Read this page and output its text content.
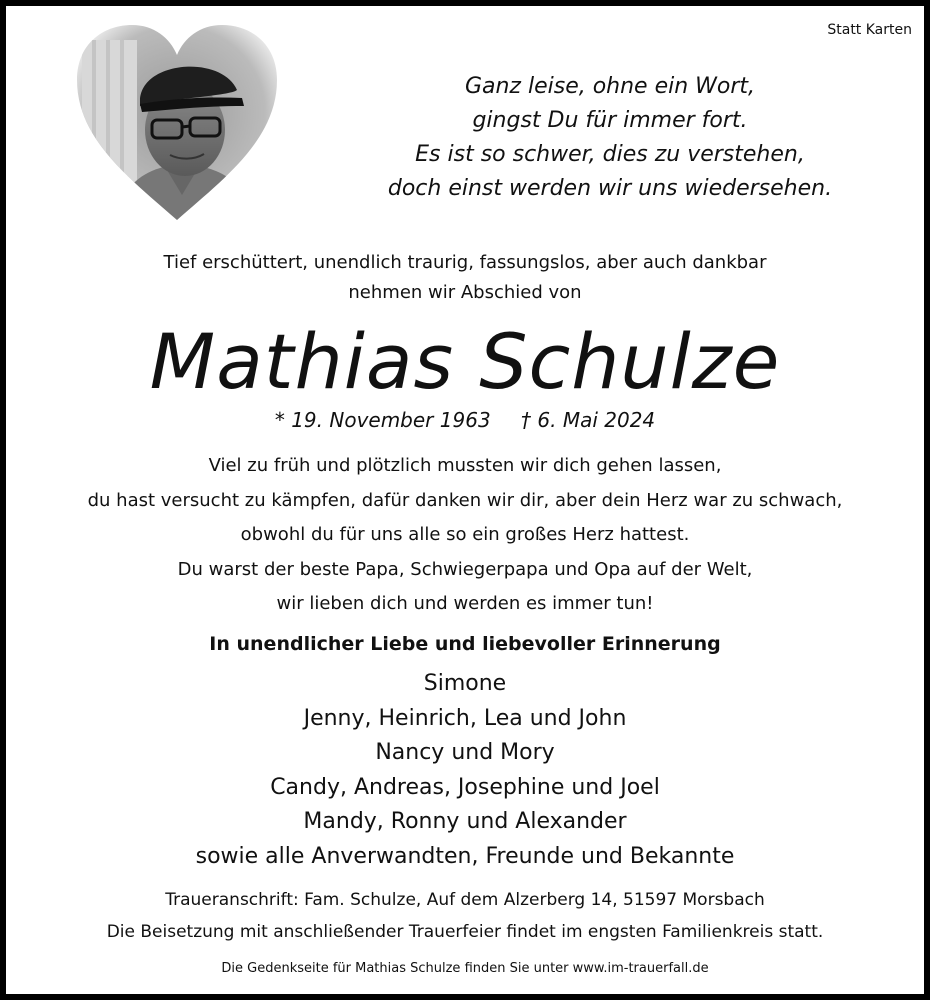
Statt Karten
Ganz leise, ohne ein Wort,
gingst Du für immer fort.
Es ist so schwer, dies zu verstehen,
doch einst werden wir uns wiedersehen.
Tief erschüttert, unendlich traurig, fassungslos, aber auch dankbar
nehmen wir Abschied von
Mathias Schulze
* 19. November 1963 † 6. Mai 2024
Viel zu früh und plötzlich mussten wir dich gehen lassen,
du hast versucht zu kämpfen, dafür danken wir dir, aber dein Herz war zu schwach,
obwohl du für uns alle so ein großes Herz hattest.
Du warst der beste Papa, Schwiegerpapa und Opa auf der Welt,
wir lieben dich und werden es immer tun!
In unendlicher Liebe und liebevoller Erinnerung
Simone
Jenny, Heinrich, Lea und John
Nancy und Mory
Candy, Andreas, Josephine und Joel
Mandy, Ronny und Alexander
sowie alle Anverwandten, Freunde und Bekannte
Traueranschrift: Fam. Schulze, Auf dem Alzerberg 14, 51597 Morsbach
Die Beisetzung mit anschließender Trauerfeier findet im engsten Familienkreis statt.
Die Gedenkseite für Mathias Schulze finden Sie unter www.im-trauerfall.de
